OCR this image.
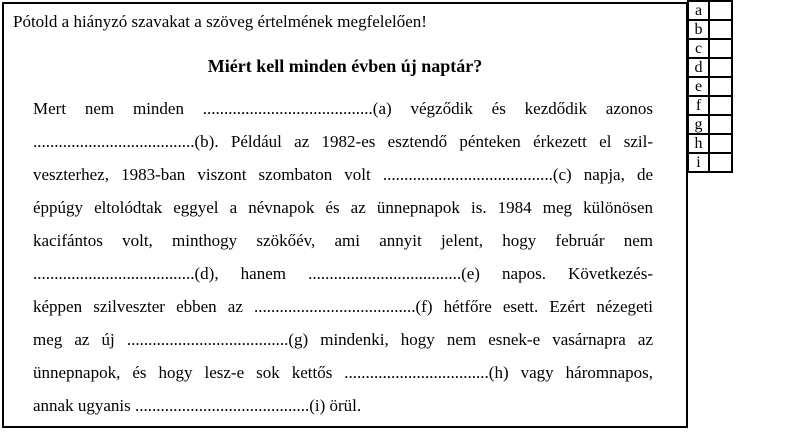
Pótold a hiányzó szavakat a szöveg értelmének megfelelően!
Miért kell minden évben új naptár?
Mert nem minden ........................................(a) végződik és kezdődik azonos
......................................(b). Például az 1982-es esztendő pénteken érkezett el szil-
veszterhez, 1983-ban viszont szombaton volt ........................................(c) napja, de
éppúgy eltolódtak eggyel a névnapok és az ünnepnapok is. 1984 meg különösen
kacifántos volt, minthogy szökőév, ami annyit jelent, hogy február nem
......................................(d), hanem ....................................(e) napos. Következés-
képpen szilveszter ebben az ......................................(f) hétfőre esett. Ezért nézegeti
meg az új ......................................(g) mindenki, hogy nem esnek-e vasárnapra az
ünnepnapok, és hogy lesz-e sok kettős ..................................(h) vagy háromnapos,
annak ugyanis .........................................(i) örül.
a	
b	
c	
d	
e	
f	
g	
h	
i	
